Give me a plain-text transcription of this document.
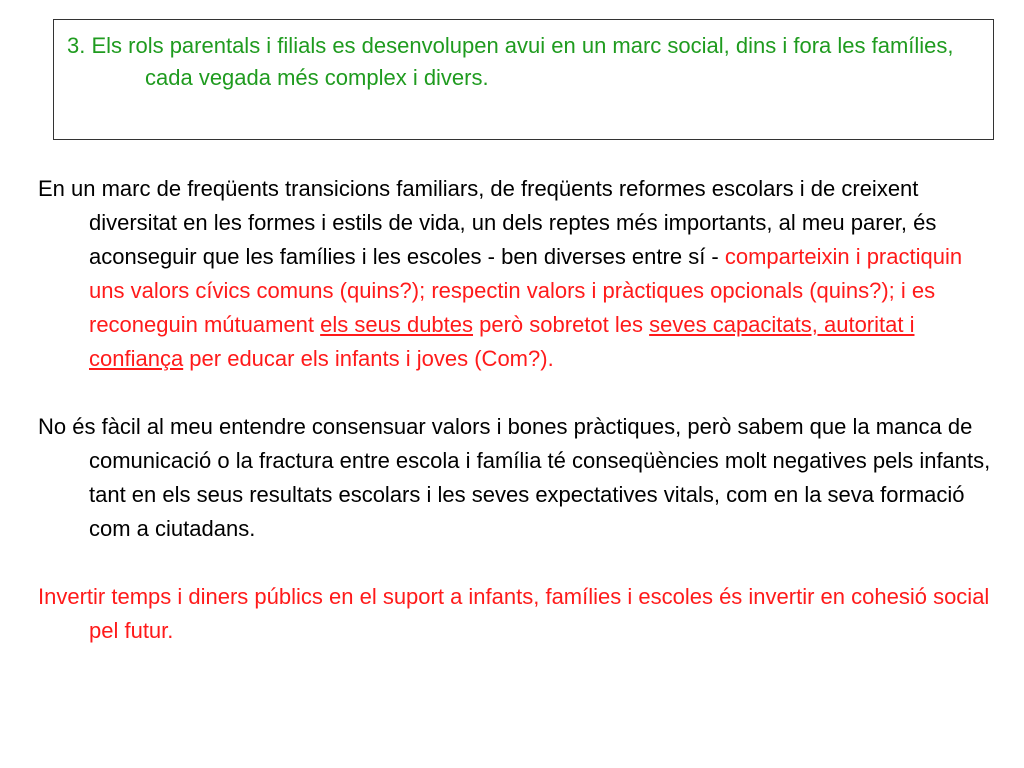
3. Els rols parentals i filials es desenvolupen avui en un marc social, dins i fora les famílies, cada vegada més complex i divers.

En un marc de freqüents transicions familiars, de freqüents reformes escolars i de creixent diversitat en les formes i estils de vida, un dels reptes més importants, al meu parer, és aconseguir que les famílies i les escoles - ben diverses entre sí - comparteixin i practiquin uns valors cívics comuns (quins?); respectin valors i pràctiques opcionals (quins?); i es reconeguin mútuament els seus dubtes però sobretot les seves capacitats, autoritat i confiança per educar els infants i joves (Com?).

No és fàcil al meu entendre consensuar valors i bones pràctiques, però sabem que la manca de comunicació o la fractura entre escola i família té conseqüències molt negatives pels infants, tant en els seus resultats escolars i les seves expectatives vitals, com en la seva formació com a ciutadans.

Invertir temps i diners públics en el suport a infants, famílies i escoles és invertir en cohesió social pel futur.
